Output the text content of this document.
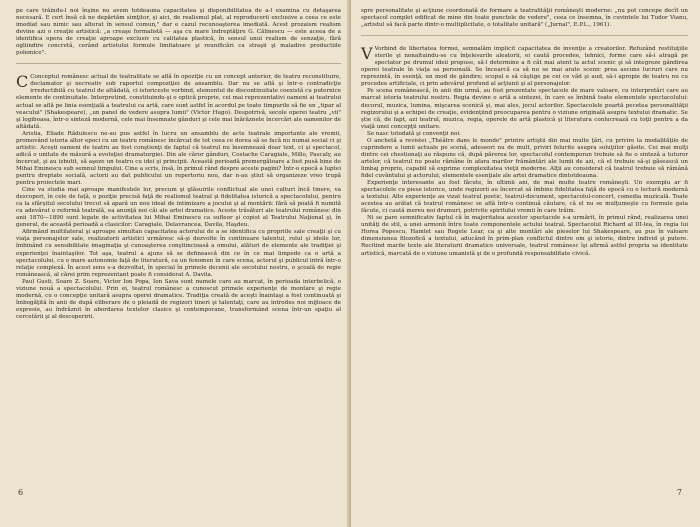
pe care trăindu-l noi înşine nu avem totdeauna capacitatea şi disponibilitatea de a-l examina cu detaşarea necesară. E cert însă că ne depărtăm simţitor, şi aici, de realismul plat, al reproducerii exclusive a ceea ce este imediat sau nimic sau alterat în sensul comun," dar e cazul recunoaşterea imediată. Acest prozaism realism devine azi o creaţie artistică: „a creaşe formalistă — aşa cu mare îndreptăţire G. Călinescu — este aceea de a identifica opera de creaţie aproape exclusiv cu calitatea plastică, în sensul unui realism de senzaţie, fără ogliindire concretă, cerând artistului formule limitatoare şi reunificări ca straşii şi maladive productiile polemice".

C Conceptul românesc actual de teatralitate se află în opoziţie cu un concept anterior, de teatru reconstituire, declamator şi necreativ sub raportul compoziţiei de ansamblu. Dar nu se află şi într-o contradicţie irreductibilă cu teatrul de altădată, ci istoriceste vorbind, elementul de discontinuitate coexistă cu puternice elemente de continuitate. Interpretind, constituindu-şi o optică proprie, cei mai reprezentativi oameni ai teatrului actual se află pe linia esenţială a teatrului ca artă, care sunt astfel în acordul pe toate timpurile să fie un „tipar al veacului" (Shakespeare), „un panel de vedere asupra lumii" (Victor Hugo). Despotrivă, secole operei teatru „vii" şi logiboasa, într-o sinteză modernă, cele mai însemnate gânduri şi cele mai înărăznete încercări ale oamenilor de altădată.

Aristia, Eliade Rădulescu ne-au pus astfel în lucru un ansamblu de acte teatrale importante ale vremii, promovând istoria altor epoci cu un teatru românesc încărcat de tot ceea ce dorea să se facă nu numai social ci şi artistic. Aceşti oameni de teatru au fost conştienţi de faptul că teatrul nu însemnează doar text, ci şi spectacol, adică o unitate de măsură a evoluţiei dramaturgiei. Din ale căror gânduri, Costache Caragiale, Millo, Pascaly, au încercat, şi au izbutit, să aşeze un teatru cu idei şi principii. Această perioadă premergătoare a fost pusă bine de Mihai Eminescu sub semnul timpului. Cine a scris, însă, în primul rând despre aceste pagini? Într-o epocă a luptei pentru dreptate socială, actorii au dat publicului un repertoriu nou, dar n-au ştiut să organizeze vreo trupă pentru proiectele mari.

Cine va studia mai aproape manifestele lor, precum şi glăsuirile conflictual ale unei culturi încă tinere, va descoperi, în cele de faţă, o poziţie precisă faţă de realismul teatral şi fidelitatea istorică a spectacolului, pentru ca la sfârşitul secolului trecut să apară un nou ideal de intimizare a jocului şi al montării: fără să poată fi numită cu adevărat o reformă teatrală, ea anunţă noi căi ale artei dramatice. Aceste trăsături ale teatrului românesc din anii 1870—1890 sunt legate de activitatea lui Mihai Eminescu ca sufleor şi copist al Teatrului Naţional şi, în general, de această perioadă a clasicilor: Caragiale, Delavrancea, Davila, Haşdeu.

Afirmând multilateral şi aproape simultan capacitatea actorului de a se identifica cu propriile sale creaţii şi cu viaţa personajelor sale, realizatorii artistici urmăresc să-şi dezvolte în continuare talentul, rolul şi ideile lor, îmbinând cu sensibilitate imaginaţia şi cunoaşterea conştiincioasă a omului, alături de elemente ale tradiţiei şi experienţei înaintaşilor. Tot aşa, teatrul a ajuns să se definească din ce în ce mai limpede ca o artă a spectacolului, cu o mare autonomie faţă de literatură, ca un fenomen în care scena, actorul şi publicul intră într-o relaţie complexă. În acest sens s-a dezvoltat, în special în primele decenii ale secolului nostru, o şcoală de regie românească, al cărei prim reprezentant poate fi considerat A. Davila.

Paul Gusti, Soare Z. Soare, Victor Ion Popa, Ion Sava sunt numele care au marcat, în perioada interbelică, o viziune nouă a spectacolului. Prin ei, teatrul românesc a cunoscut primele experienţe de montare şi regie modernă, cu o concepţie unitară asupra operei dramatice. Tradiţia creată de aceşti înaintaşi a fost continuată şi îmbogăţită în anii de după eliberare de o pleiadă de regizori tineri şi talentaţi, care au introdus noi mijloace de expresie, au îndrăznit în abordarea textelor clasice şi contemporane, transformând scena într-un spaţiu al cercetării şi al descoperirii.

6

spre personalitate şi acţiune coordonată de formare a teatralităţii româneşti moderne: „nu pot concepe decît un spectacol complet edificat de mine din toate punctele de vedere", ceea ce însemna, în cuvintele lui Tudor Vianu, „artistul să facă parte dintr-o multiplicitate, o totalitate unitară" („Jurnal", E.P.L., 1961).

V Vorbind de libertatea formei, semnalăm implicit capacitatea de invenţie a creatorilor. Refuzând restituţiile sterile şi nonaltuindu-se cu înţelesurile aleatorii, ei caută procedee, tehnici, forme care să-i atragă pe spectator pe drumul ideii propuse, să-l determine a fi cât mai atent la actul scenic şi să integreze gândirea operei teatrale în viaţa sa personală. Se încearcă ca să nu se mai arate scenic prea ascuns lucruri care nu reprezintă, în esenţă, un mod de gândire; scopul e să câştige pe cei ce văd şi aud, să-i apropie de teatru nu cu procedee artificiale, ci prin adevărul profund al acţiunii şi al personajelor.

Pe scena românească, în anii din urmă, au fost prezentate spectacole de mare valoare, cu interpretări care au marcat istoria teatrului nostru. Regia devine o artă a sintezei, în care se îmbină toate elementele spectacolului: decorul, muzica, lumina, mişcarea scenică şi, mai ales, jocul actorilor. Spectacolele poartă pecetea personalităţii regizorului şi a echipei de creaţie, evidenţiind preocuparea pentru o viziune originală asupra textului dramatic. Se ştie că, de fapt, azi teatrul, muzica, regia, operele de artă plastică şi literatura conlucrează cu toţii pentru a da viaţă unei concepţii unitare.

Se nasc totodată şi convenţii noi.

O anchetă a revistei „Théâtre dans le monde" printre artiştii din mai multe ţări, cu privire la modalităţile de cuprindere a lumii actuale pe scenă, adeseori nu de mult, priviri felurite asupra soluţiilor găsite. Cei mai mulţi dintre cei chestionaţi au răspuns că, după părerea lor, spectacolul contemporan trebuie să fie o sinteză a tuturor artelor, că teatrul nu poate rămâne în afara marilor frământări ale lumii de azi, că el trebuie să-şi găsească un limbaj propriu, capabil să exprime complexitatea vieţii moderne. Alţii au considerat că teatrul trebuie să rămână fidel cuvântului şi actorului, elementele esenţiale ale artei dramatice dintotdeauna.

Experienţe interesante au fost făcute, în ultimii ani, de mai multe teatre româneşti. Un exemplu ar fi spectacolele cu piese istorice, unde regizorii au încercat să îmbine fidelitatea faţă de epocă cu o lectură modernă a textului. Alte experienţe au vizat teatrul poetic, teatrul-document, spectacolul-concert, comedia muzicală. Toate acestea au arătat că teatrul românesc se află într-o continuă căutare, că el nu se mulţumeşte cu formule gata făcute, ci caută mereu noi drumuri, potrivite spiritului vremii în care trăim.

Ni se pare semnificativ faptul că în majoritatea acestor spectacole s-a urmărit, în primul rând, realizarea unei unităţi de stil, a unei armonii între toate componentele actului teatral. Spectacolul Richard al III-lea, în regia lui Horea Popescu, Hamlet sau Regele Lear, ca şi alte montări ale pieselor lui Shakespeare, au pus în valoare dimensiunea filozofică a textului, aducând în prim-plan conflictul dintre om şi istorie, dintre individ şi putere. Recitind marile texte ale literaturii dramatice universale, teatrul românesc îşi afirmă astfel propria sa identitate artistică, marcată de o viziune umanistă şi de o profundă responsabilitate civică.

7
